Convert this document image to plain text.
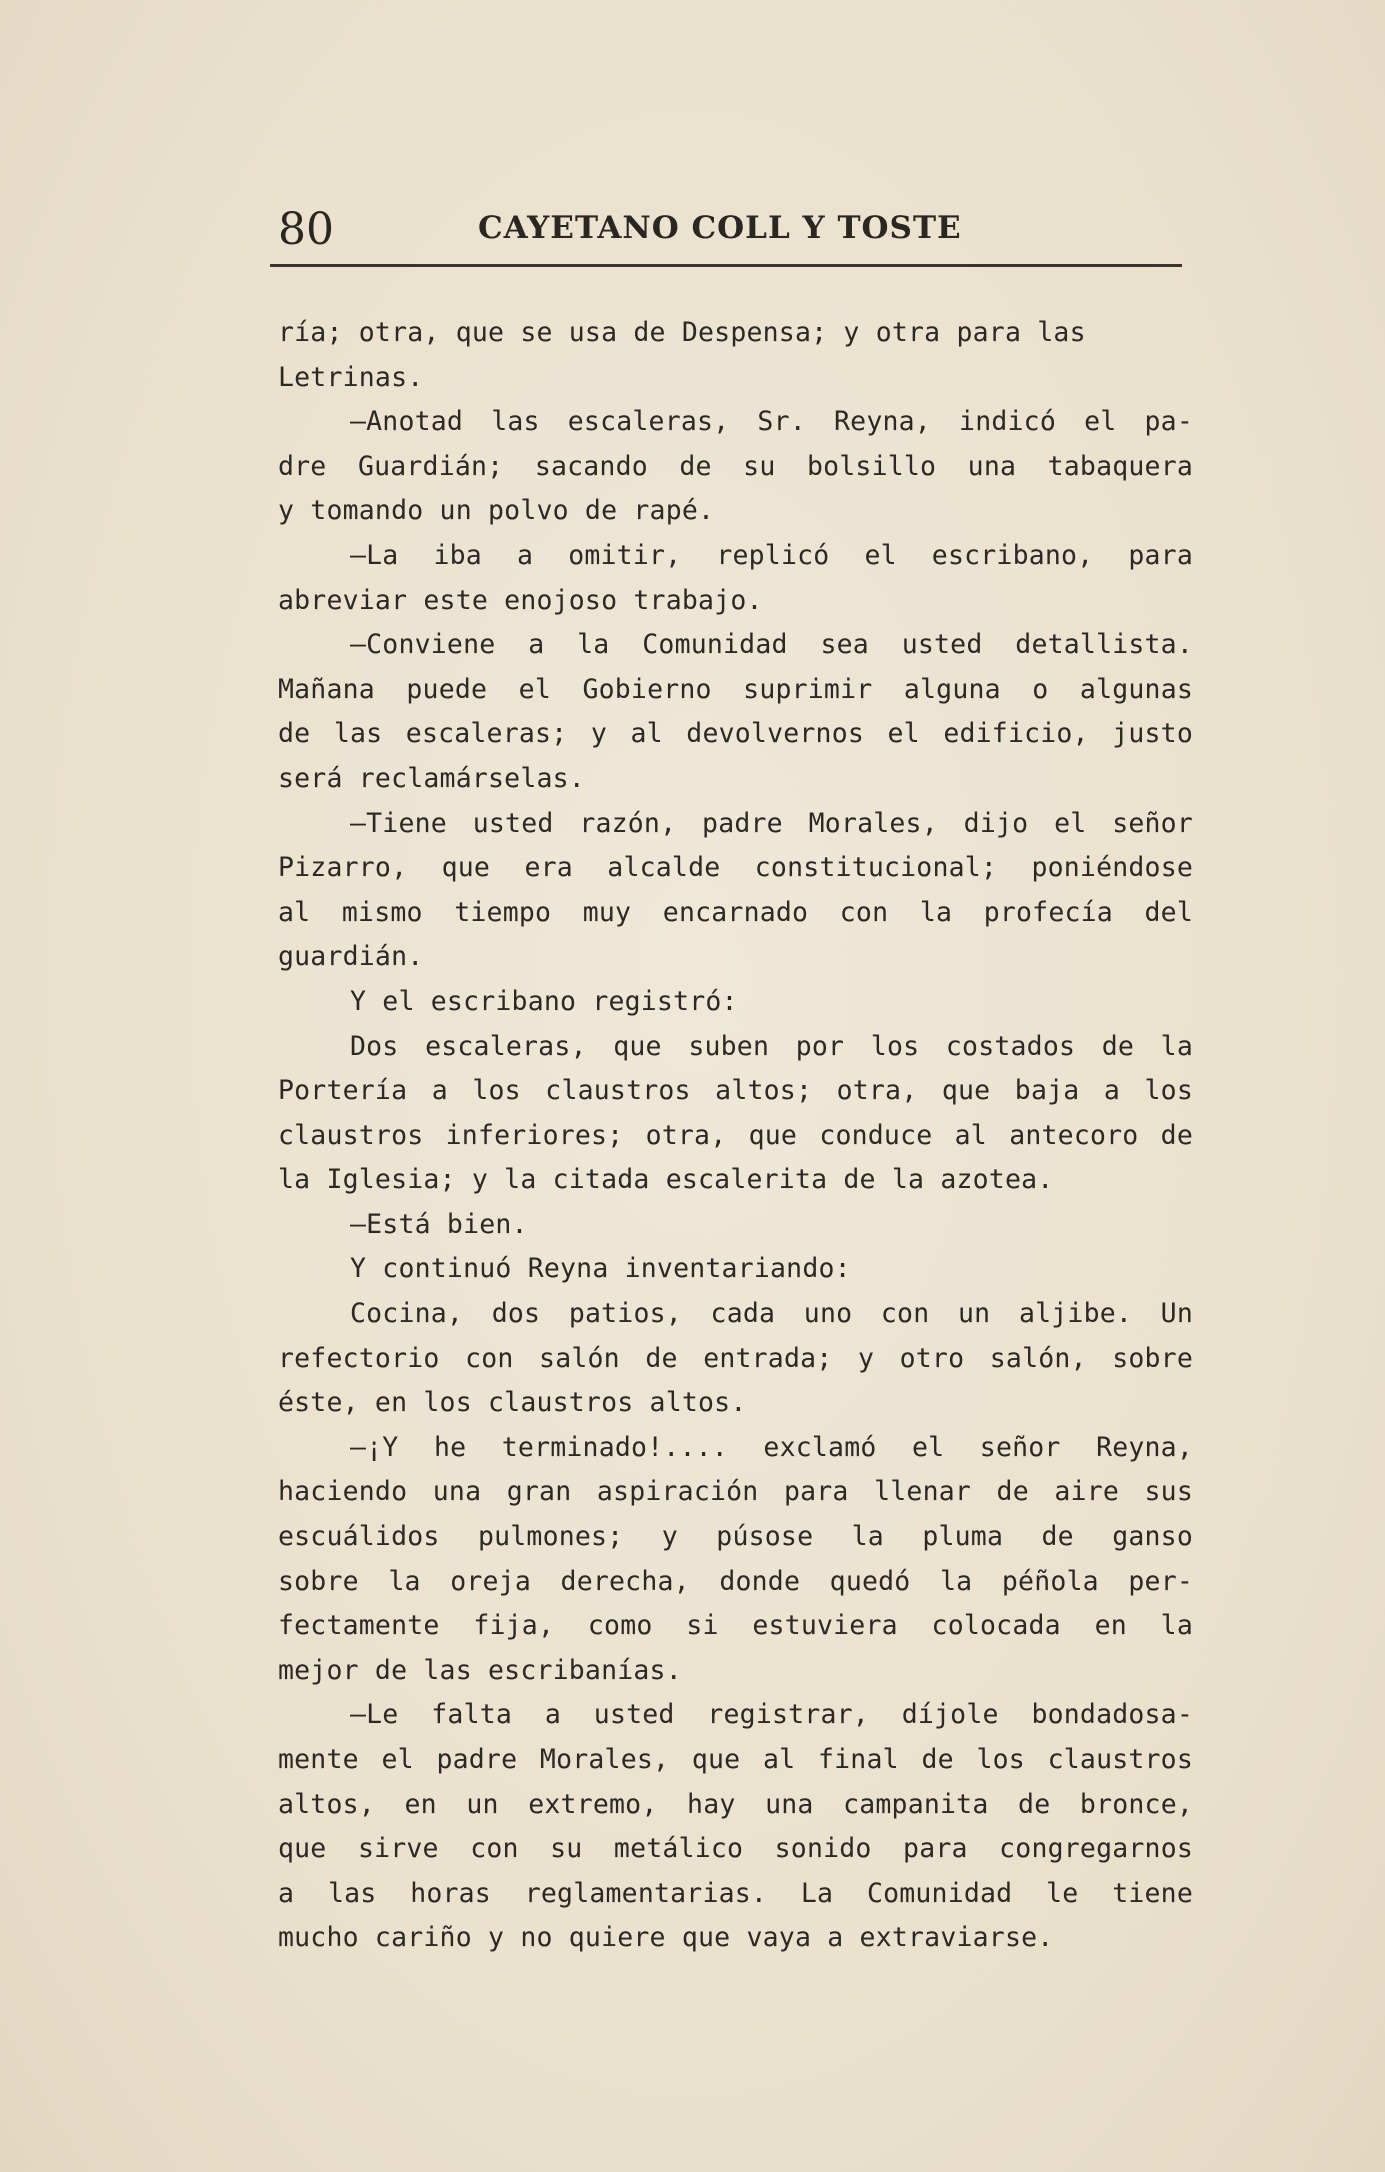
80	CAYETANO COLL Y TOSTE
ría; otra, que se usa de Despensa; y otra para las
Letrinas.
—Anotad las escaleras, Sr. Reyna, indicó el pa-
dre Guardián; sacando de su bolsillo una tabaquera
y tomando un polvo de rapé.
—La iba a omitir, replicó el escribano, para
abreviar este enojoso trabajo.
—Conviene a la Comunidad sea usted detallista.
Mañana puede el Gobierno suprimir alguna o algunas
de las escaleras; y al devolvernos el edificio, justo
será reclamárselas.
—Tiene usted razón, padre Morales, dijo el señor
Pizarro, que era alcalde constitucional; poniéndose
al mismo tiempo muy encarnado con la profecía del
guardián.
Y el escribano registró:
Dos escaleras, que suben por los costados de la
Portería a los claustros altos; otra, que baja a los
claustros inferiores; otra, que conduce al antecoro de
la Iglesia; y la citada escalerita de la azotea.
—Está bien.
Y continuó Reyna inventariando:
Cocina, dos patios, cada uno con un aljibe. Un
refectorio con salón de entrada; y otro salón, sobre
éste, en los claustros altos.
—¡Y he terminado!.... exclamó el señor Reyna,
haciendo una gran aspiración para llenar de aire sus
escuálidos pulmones; y púsose la pluma de ganso
sobre la oreja derecha, donde quedó la péñola per-
fectamente fija, como si estuviera colocada en la
mejor de las escribanías.
—Le falta a usted registrar, díjole bondadosa-
mente el padre Morales, que al final de los claustros
altos, en un extremo, hay una campanita de bronce,
que sirve con su metálico sonido para congregarnos
a las horas reglamentarias. La Comunidad le tiene
mucho cariño y no quiere que vaya a extraviarse.
